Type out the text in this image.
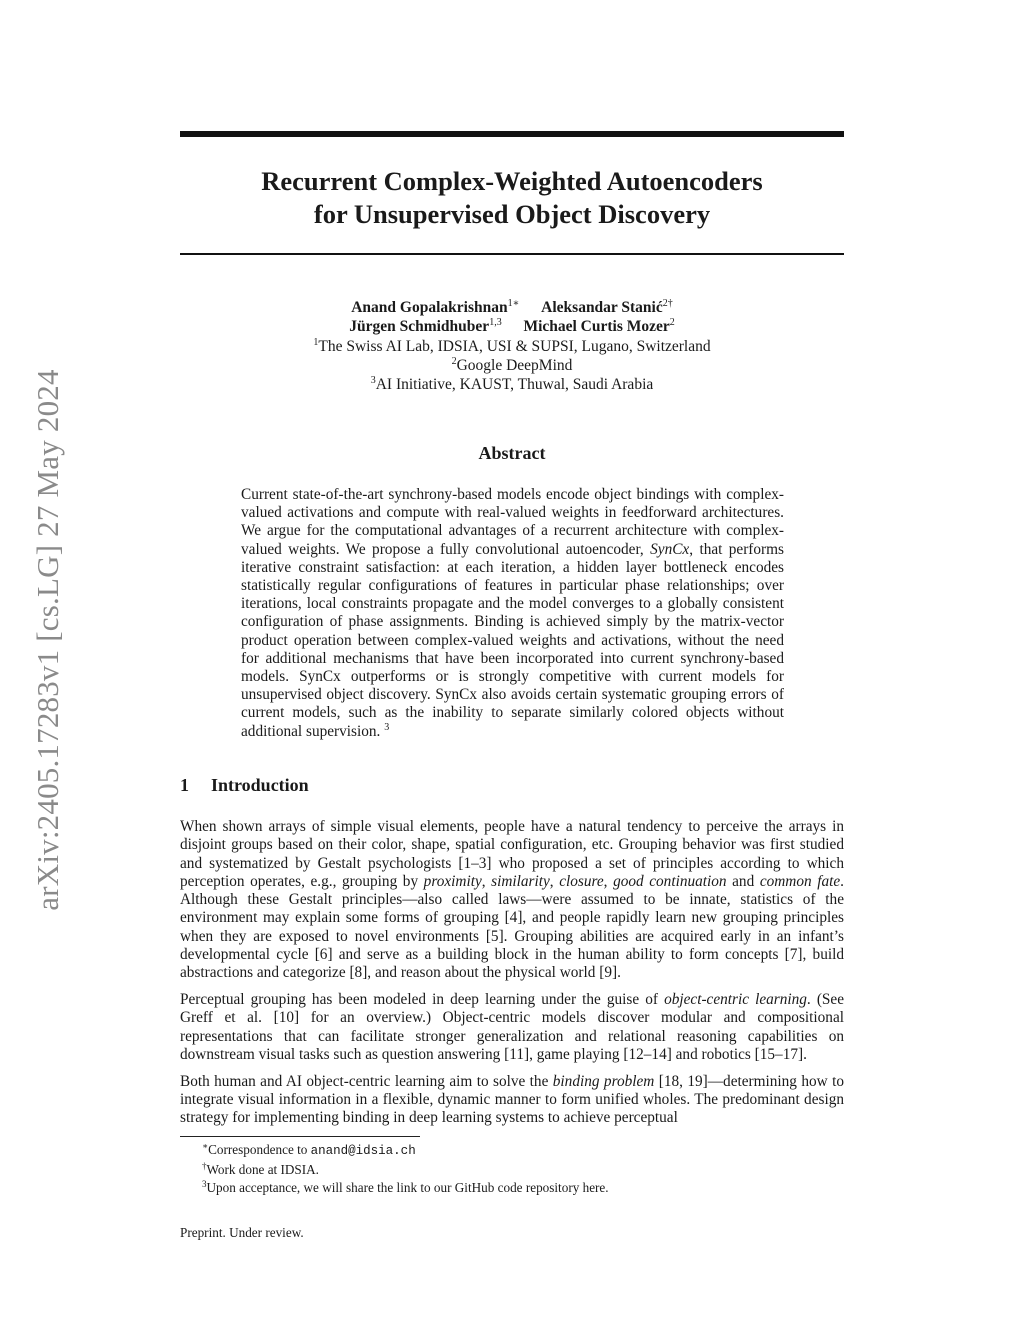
arXiv:2405.17283v1 [cs.LG] 27 May 2024
Recurrent Complex-Weighted Autoencoders
for Unsupervised Object Discovery
Anand Gopalakrishnan$^{1∗}$ Aleksandar Stanić$^{2\dagger}$
Jürgen Schmidhuber$^{1,3}$ Michael Curtis Mozer$^2$
$^1$The Swiss AI Lab, IDSIA, USI & SUPSI, Lugano, Switzerland
$^2$Google DeepMind
$^3$AI Initiative, KAUST, Thuwal, Saudi Arabia
Abstract
Current state-of-the-art synchrony-based models encode object bindings with complex-valued activations and compute with real-valued weights in feedforward architectures. We argue for the computational advantages of a recurrent architecture with complex-valued weights. We propose a fully convolutional autoencoder, SynCx, that performs iterative constraint satisfaction: at each iteration, a hidden layer bottleneck encodes statistically regular configurations of features in particular phase relationships; over iterations, local constraints propagate and the model converges to a globally consistent configuration of phase assignments. Binding is achieved simply by the matrix-vector product operation between complex-valued weights and activations, without the need for additional mechanisms that have been incorporated into current synchrony-based models. SynCx outperforms or is strongly competitive with current models for unsupervised object discovery. SynCx also avoids certain systematic grouping errors of current models, such as the inability to separate similarly colored objects without additional supervision. $^3$
1 Introduction

When shown arrays of simple visual elements, people have a natural tendency to perceive the arrays in disjoint groups based on their color, shape, spatial configuration, etc. Grouping behavior was first studied and systematized by Gestalt psychologists [1–3] who proposed a set of principles according to which perception operates, e.g., grouping by proximity, similarity, closure, good continuation and common fate. Although these Gestalt principles—also called laws—were assumed to be innate, statistics of the environment may explain some forms of grouping [4], and people rapidly learn new grouping principles when they are exposed to novel environments [5]. Grouping abilities are acquired early in an infant’s developmental cycle [6] and serve as a building block in the human ability to form concepts [7], build abstractions and categorize [8], and reason about the physical world [9].

Perceptual grouping has been modeled in deep learning under the guise of object-centric learning. (See Greff et al. [10] for an overview.) Object-centric models discover modular and compositional representations that can facilitate stronger generalization and relational reasoning capabilities on downstream visual tasks such as question answering [11], game playing [12–14] and robotics [15–17].

Both human and AI object-centric learning aim to solve the binding problem [18, 19]—determining how to integrate visual information in a flexible, dynamic manner to form unified wholes. The predominant design strategy for implementing binding in deep learning systems to achieve perceptual

∗Correspondence to anand@idsia.ch
†Work done at IDSIA.
$^3$Upon acceptance, we will share the link to our GitHub code repository here.
Preprint. Under review.
